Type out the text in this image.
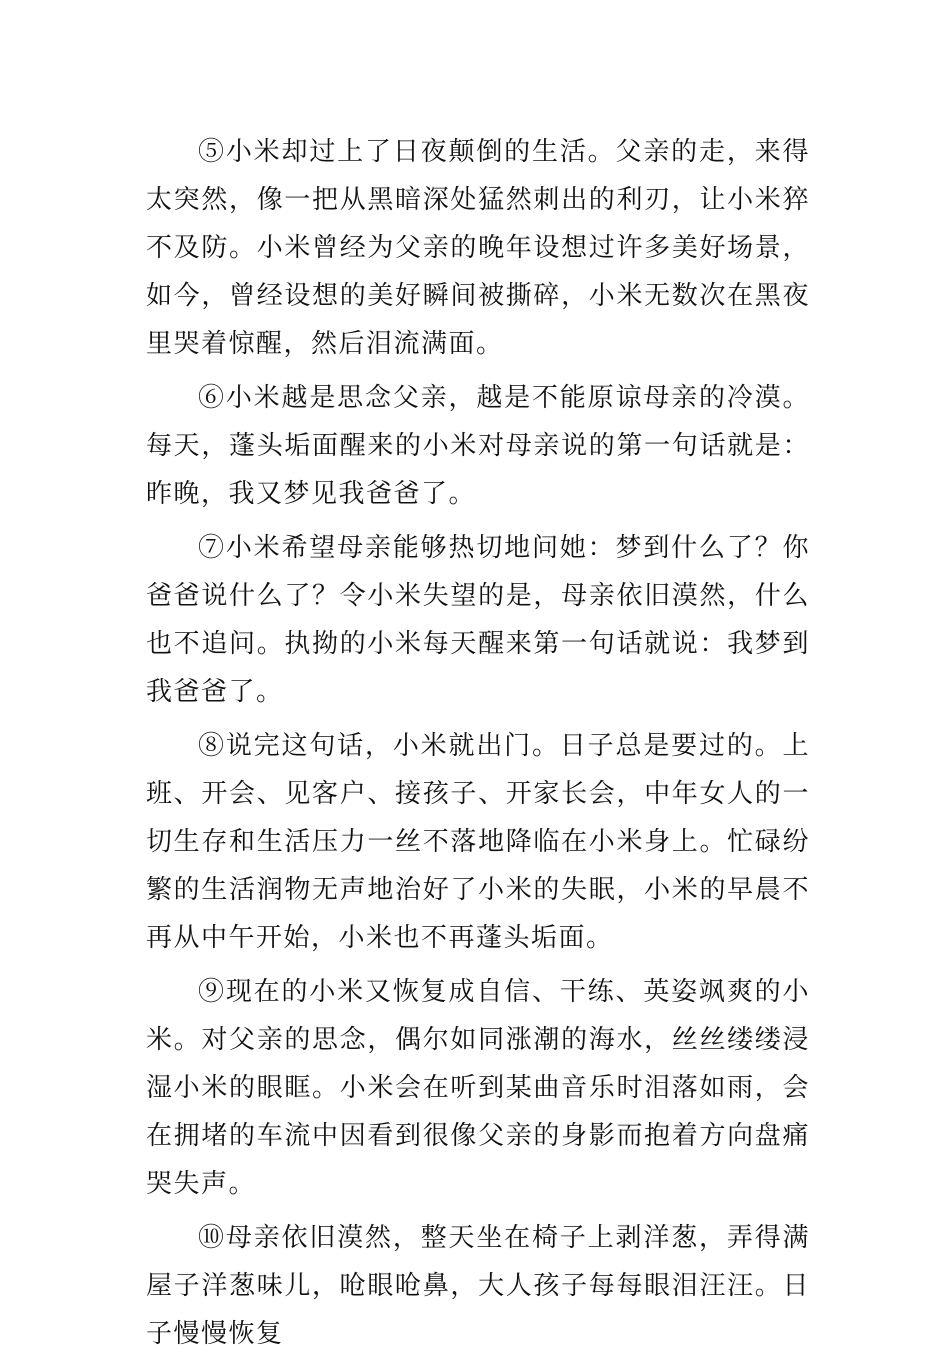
⑤小米却过上了日夜颠倒的生活。父亲的走，来得太突然，像一把从黑暗深处猛然刺出的利刃，让小米猝不及防。小米曾经为父亲的晚年设想过许多美好场景，如今，曾经设想的美好瞬间被撕碎，小米无数次在黑夜里哭着惊醒，然后泪流满面。

⑥小米越是思念父亲，越是不能原谅母亲的冷漠。每天，蓬头垢面醒来的小米对母亲说的第一句话就是：昨晚，我又梦见我爸爸了。

⑦小米希望母亲能够热切地问她：梦到什么了？你爸爸说什么了？令小米失望的是，母亲依旧漠然，什么也不追问。执拗的小米每天醒来第一句话就说：我梦到我爸爸了。

⑧说完这句话，小米就出门。日子总是要过的。上班、开会、见客户、接孩子、开家长会，中年女人的一切生存和生活压力一丝不落地降临在小米身上。忙碌纷繁的生活润物无声地治好了小米的失眠，小米的早晨不再从中午开始，小米也不再蓬头垢面。

⑨现在的小米又恢复成自信、干练、英姿飒爽的小米。对父亲的思念，偶尔如同涨潮的海水，丝丝缕缕浸湿小米的眼眶。小米会在听到某曲音乐时泪落如雨，会在拥堵的车流中因看到很像父亲的身影而抱着方向盘痛哭失声。

⑩母亲依旧漠然，整天坐在椅子上剥洋葱，弄得满屋子洋葱味儿，呛眼呛鼻，大人孩子每每眼泪汪汪。日子慢慢恢复
